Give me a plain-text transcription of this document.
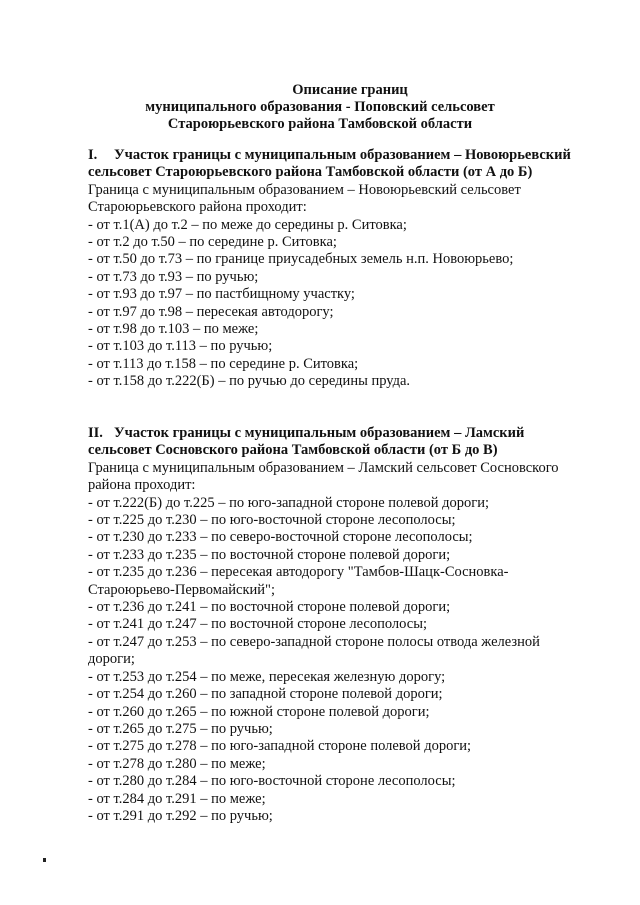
Описание границ
муниципального образования - Поповский сельсовет
Староюрьевского района Тамбовской области
I. Участок границы с муниципальным образованием – Новоюрьевский
сельсовет Староюрьевского района Тамбовской области (от А до Б)
Граница с муниципальным образованием – Новоюрьевский сельсовет
Староюрьевского района проходит:
- от т.1(А) до т.2 – по меже до середины р. Ситовка;
- от т.2 до т.50 – по середине р. Ситовка;
- от т.50 до т.73 – по границе приусадебных земель н.п. Новоюрьево;
- от т.73 до т.93 – по ручью;
- от т.93 до т.97 – по пастбищному участку;
- от т.97 до т.98 – пересекая автодорогу;
- от т.98 до т.103 – по меже;
- от т.103 до т.113 – по ручью;
- от т.113 до т.158 – по середине р. Ситовка;
- от т.158 до т.222(Б) – по ручью до середины пруда.
II. Участок границы с муниципальным образованием – Ламский
сельсовет Сосновского района Тамбовской области (от Б до В)
Граница с муниципальным образованием – Ламский сельсовет Сосновского
района проходит:
- от т.222(Б) до т.225 – по юго-западной стороне полевой дороги;
- от т.225 до т.230 – по юго-восточной стороне лесополосы;
- от т.230 до т.233 – по северо-восточной стороне лесополосы;
- от т.233 до т.235 – по восточной стороне полевой дороги;
- от т.235 до т.236 – пересекая автодорогу "Тамбов-Шацк-Сосновка-
Староюрьево-Первомайский";
- от т.236 до т.241 – по восточной стороне полевой дороги;
- от т.241 до т.247 – по восточной стороне лесополосы;
- от т.247 до т.253 – по северо-западной стороне полосы отвода железной
дороги;
- от т.253 до т.254 – по меже, пересекая железную дорогу;
- от т.254 до т.260 – по западной стороне полевой дороги;
- от т.260 до т.265 – по южной стороне полевой дороги;
- от т.265 до т.275 – по ручью;
- от т.275 до т.278 – по юго-западной стороне полевой дороги;
- от т.278 до т.280 – по меже;
- от т.280 до т.284 – по юго-восточной стороне лесополосы;
- от т.284 до т.291 – по меже;
- от т.291 до т.292 – по ручью;
